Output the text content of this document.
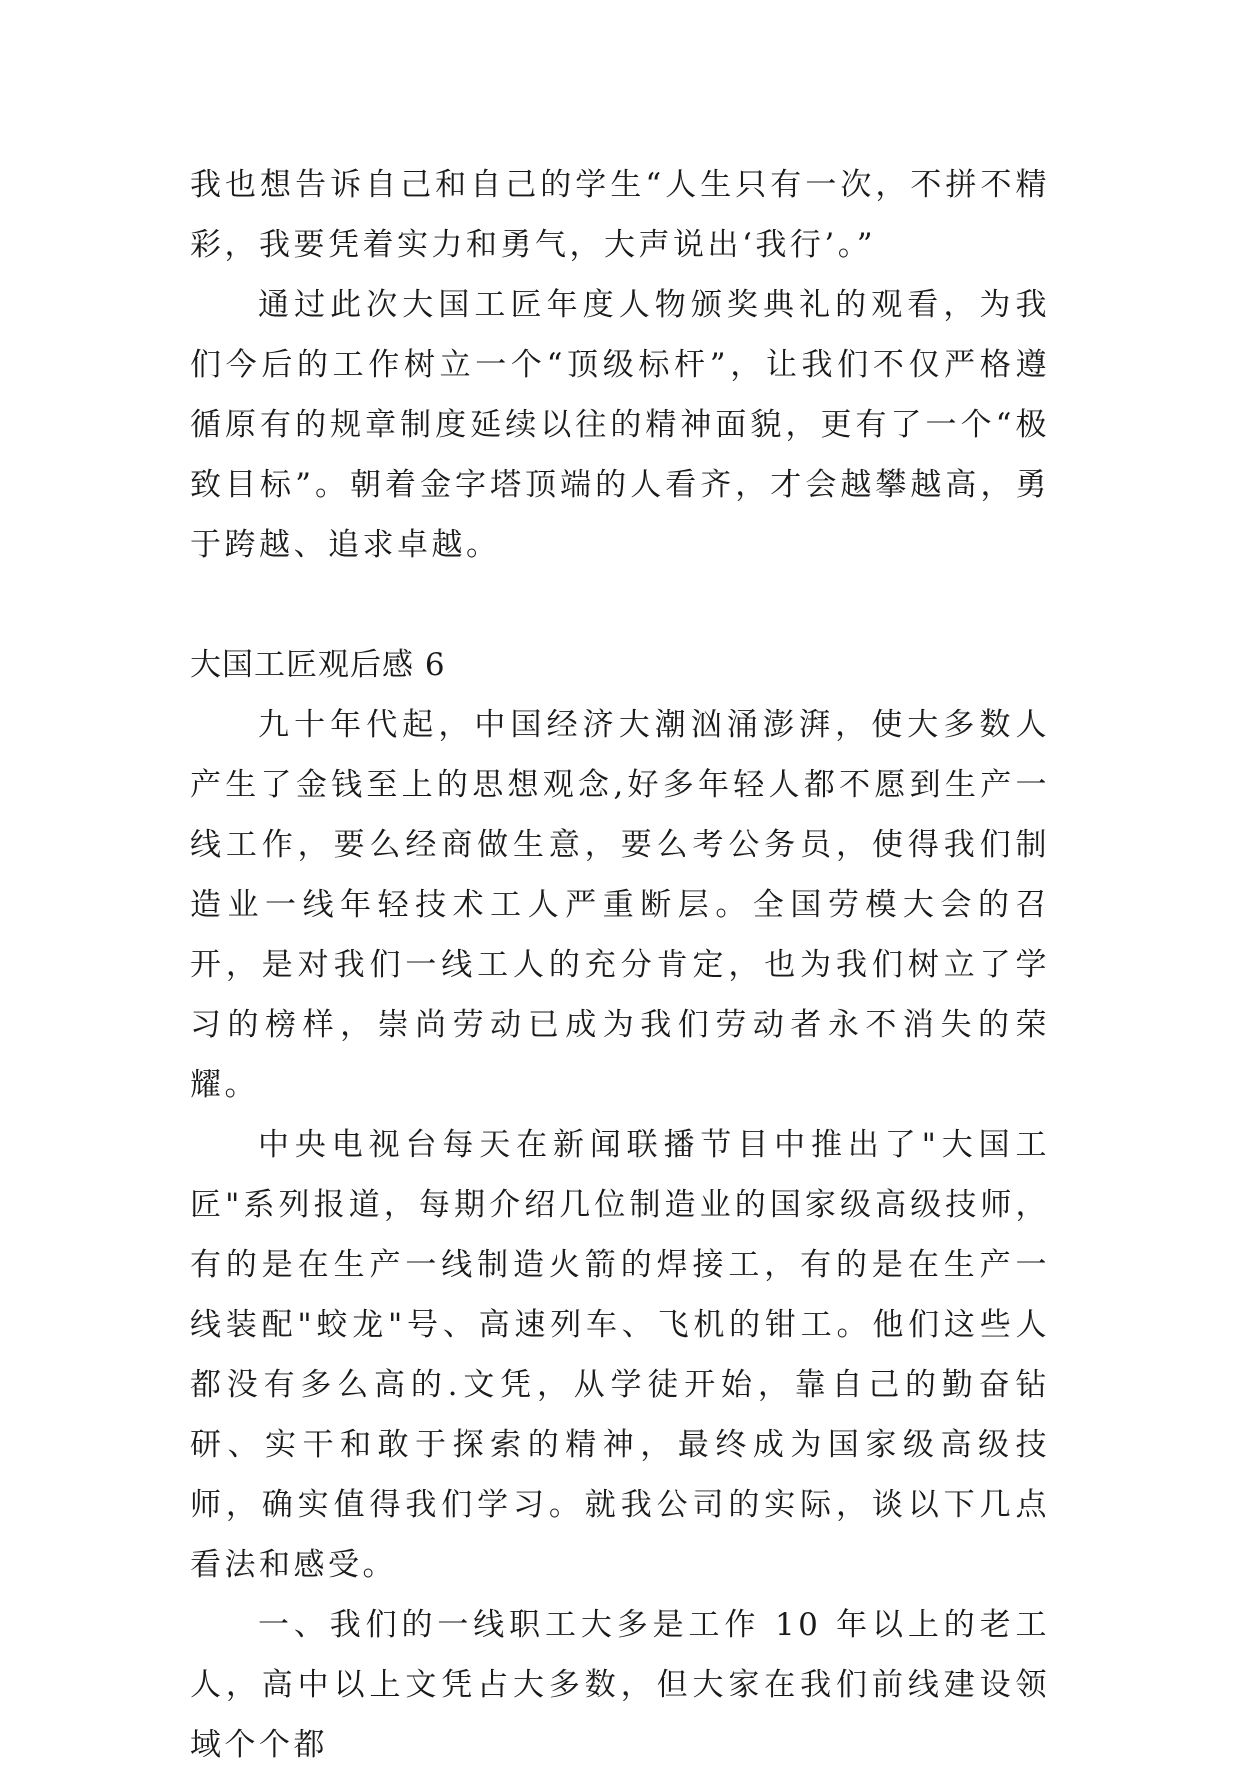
我也想告诉自己和自己的学生“人生只有一次，不拼不精彩，我要凭着实力和勇气，大声说出‘我行’。”

通过此次大国工匠年度人物颁奖典礼的观看，为我们今后的工作树立一个“顶级标杆”，让我们不仅严格遵循原有的规章制度延续以往的精神面貌，更有了一个“极致目标”。朝着金字塔顶端的人看齐，才会越攀越高，勇于跨越、追求卓越。

大国工匠观后感 6

九十年代起，中国经济大潮汹涌澎湃，使大多数人产生了金钱至上的思想观念,好多年轻人都不愿到生产一线工作，要么经商做生意，要么考公务员，使得我们制造业一线年轻技术工人严重断层。全国劳模大会的召开，是对我们一线工人的充分肯定，也为我们树立了学习的榜样，崇尚劳动已成为我们劳动者永不消失的荣耀。

中央电视台每天在新闻联播节目中推出了"大国工匠"系列报道，每期介绍几位制造业的国家级高级技师，有的是在生产一线制造火箭的焊接工，有的是在生产一线装配"蛟龙"号、高速列车、飞机的钳工。他们这些人都没有多么高的.文凭，从学徒开始，靠自己的勤奋钻研、实干和敢于探索的精神，最终成为国家级高级技师，确实值得我们学习。就我公司的实际，谈以下几点看法和感受。

一、我们的一线职工大多是工作 10 年以上的老工人，高中以上文凭占大多数，但大家在我们前线建设领域个个都
